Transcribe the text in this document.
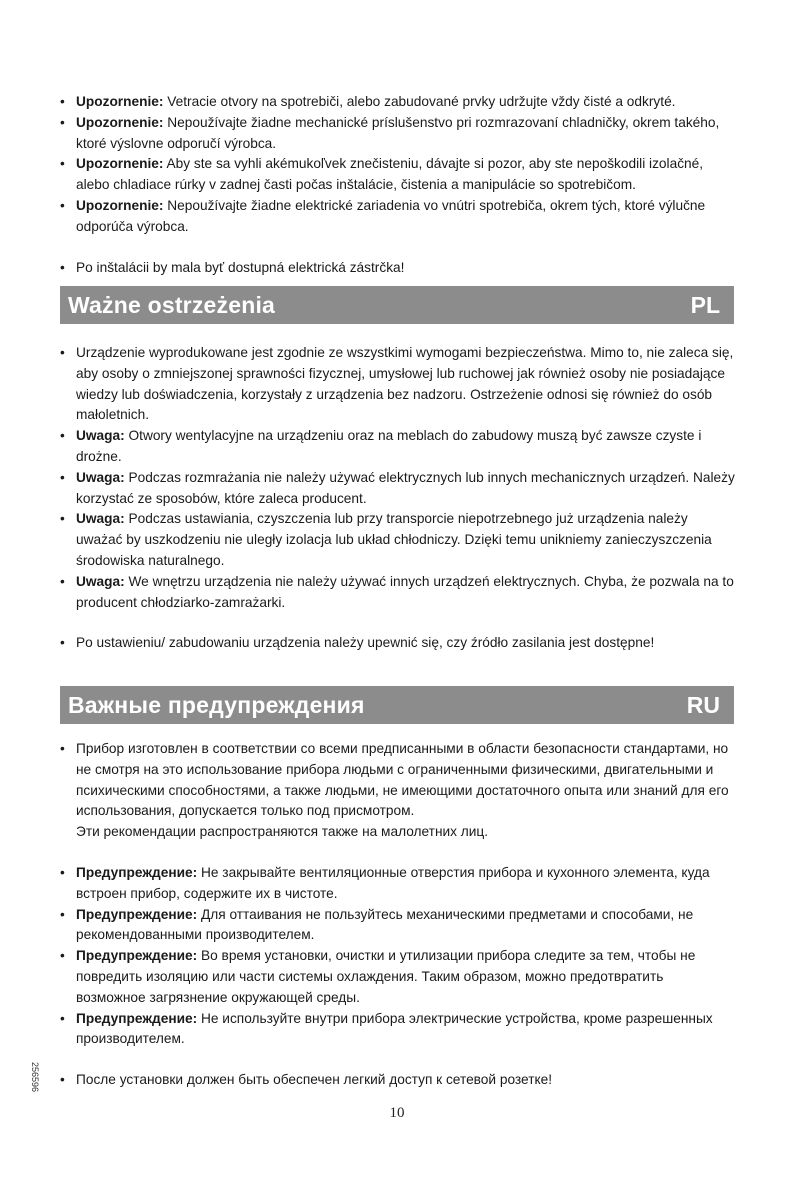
• Upozornenie: Vetracie otvory na spotrebiči, alebo zabudované prvky udržujte vždy čisté a odkryté.
• Upozornenie: Nepoužívajte žiadne mechanické príslušenstvo pri rozmrazovaní chladničky, okrem takého, ktoré výslovne odporučí výrobca.
• Upozornenie: Aby ste sa vyhli akémukoľvek znečisteniu, dávajte si pozor, aby ste nepoškodili izolačné, alebo chladiace rúrky v zadnej časti počas inštalácie, čistenia a manipulácie so spotrebičom.
• Upozornenie: Nepoužívajte žiadne elektrické zariadenia vo vnútri spotrebiča, okrem tých, ktoré výlučne odporúča výrobca.
• Po inštalácii by mala byť dostupná elektrická zástrčka!
Ważne ostrzeżenia	PL
• Urządzenie wyprodukowane jest zgodnie ze wszystkimi wymogami bezpieczeństwa. Mimo to, nie zaleca się, aby osoby o zmniejszonej sprawności fizycznej, umysłowej lub ruchowej jak również osoby nie posiadające wiedzy lub doświadczenia, korzystały z urządzenia bez nadzoru. Ostrzeżenie odnosi się również do osób małoletnich.
• Uwaga: Otwory wentylacyjne na urządzeniu oraz na meblach do zabudowy muszą być zawsze czyste i drożne.
• Uwaga: Podczas rozmrażania nie należy używać elektrycznych lub innych mechanicznych urządzeń. Należy korzystać ze sposobów, które zaleca producent.
• Uwaga: Podczas ustawiania, czyszczenia lub przy transporcie niepotrzebnego już urządzenia należy uważać by uszkodzeniu nie uległy izolacja lub układ chłodniczy. Dzięki temu unikniemy zanieczyszczenia środowiska naturalnego.
• Uwaga: We wnętrzu urządzenia nie należy używać innych urządzeń elektrycznych. Chyba, że pozwala na to producent chłodziarko-zamrażarki.
• Po ustawieniu/ zabudowaniu urządzenia należy upewnić się, czy źródło zasilania jest dostępne!
Важные предупреждения	RU
• Прибор изготовлен в соответствии со всеми предписанными в области безопасности стандартами, но не смотря на это использование прибора людьми с ограниченными физическими, двигательными и психическими способностями, а также людьми, не имеющими достаточного опыта или знаний для его использования, допускается только под присмотром.
Эти рекомендации распространяются также на малолетних лиц.
• Предупреждение: Не закрывайте вентиляционные отверстия прибора и кухонного элемента, куда встроен прибор, содержите их в чистоте.
• Предупреждение: Для оттаивания не пользуйтесь механическими предметами и способами, не рекомендованными производителем.
• Предупреждение: Во время установки, очистки и утилизации прибора следите за тем, чтобы не повредить изоляцию или части системы охлаждения. Таким образом, можно предотвратить возможное загрязнение окружающей среды.
• Предупреждение: Не используйте внутри прибора электрические устройства, кроме разрешенных производителем.
• После установки должен быть обеспечен легкий доступ к сетевой розетке!
256596
10
